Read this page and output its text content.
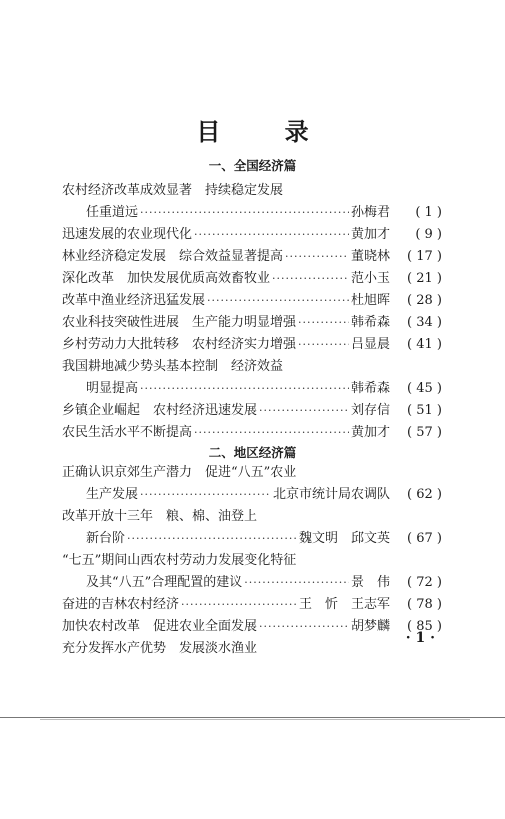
目 录
一、全国经济篇
农村经济改革成效显著　持续稳定发展
任重道远 ·····	孙梅君	( 1 )
迅速发展的农业现代化 ·····	黄加才	( 9 )
林业经济稳定发展　综合效益显著提高 ·····	董晓林	( 17 )
深化改革　加快发展优质高效畜牧业 ·····	范小玉	( 21 )
改革中渔业经济迅猛发展 ·····	杜旭晖	( 28 )
农业科技突破性进展　生产能力明显增强 ·····	韩希森	( 34 )
乡村劳动力大批转移　农村经济实力增强 ·····	吕显晨	( 41 )
我国耕地减少势头基本控制　经济效益
明显提高 ·····	韩希森	( 45 )
乡镇企业崛起　农村经济迅速发展 ·····	刘存信	( 51 )
农民生活水平不断提高 ·····	黄加才	( 57 )
二、地区经济篇
正确认识京郊生产潜力　促进“八五”农业
生产发展 ·····	北京市统计局农调队	( 62 )
改革开放十三年　粮、棉、油登上
新台阶 ·····	魏文明　邱文英	( 67 )
“七五”期间山西农村劳动力发展变化特征
及其“八五”合理配置的建议 ·····	景　伟	( 72 )
奋进的吉林农村经济 ·····	王　忻　王志军	( 78 )
加快农村改革　促进农业全面发展 ·····	胡梦麟	( 85 )
充分发挥水产优势　发展淡水渔业
· 1 ·
